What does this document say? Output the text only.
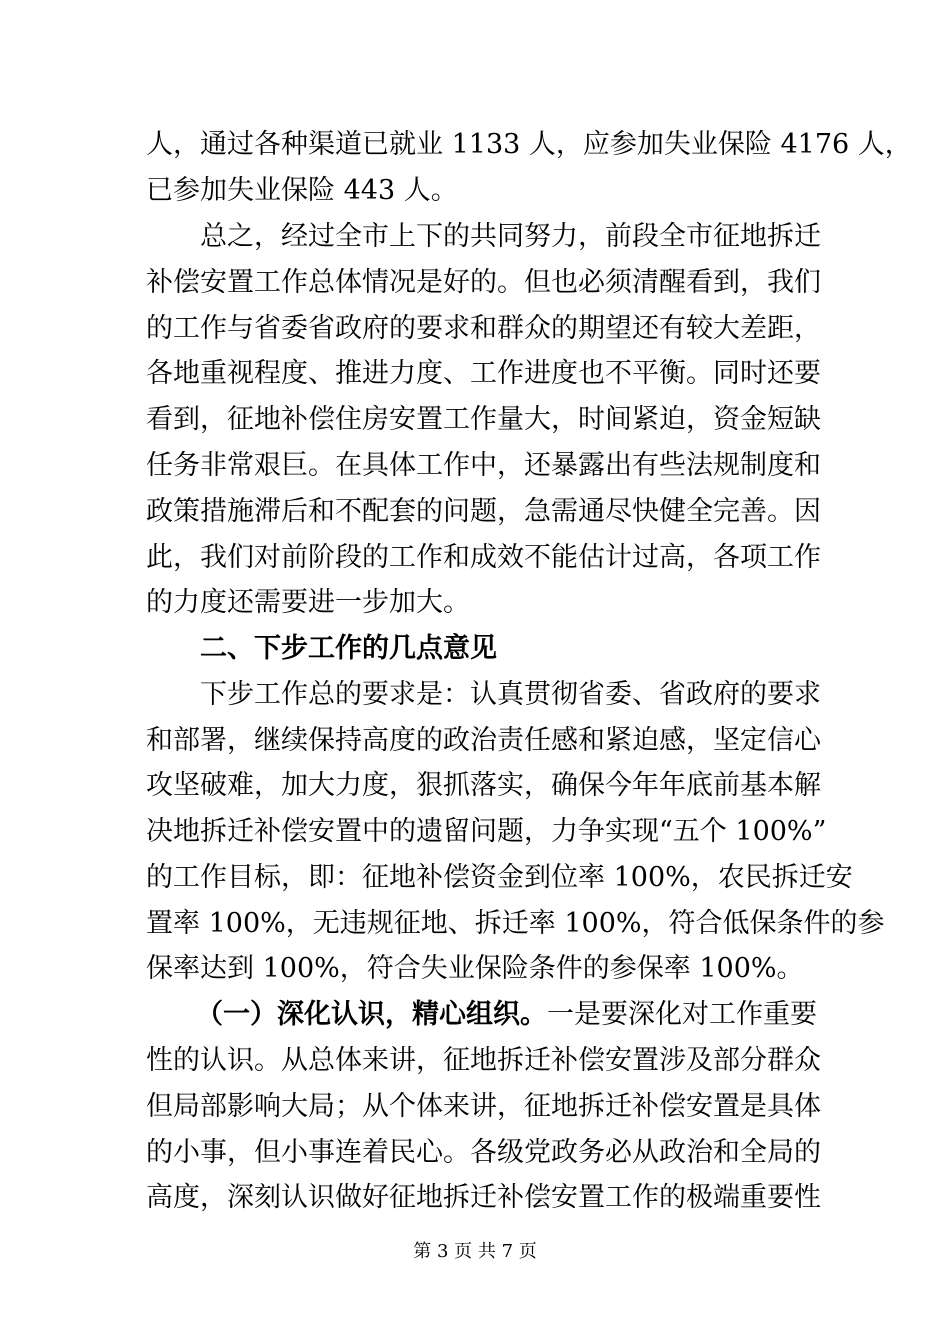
人，通过各种渠道已就业 1133 人，应参加失业保险 4176 人，
已参加失业保险 443 人。
总之，经过全市上下的共同努力，前段全市征地拆迁
补偿安置工作总体情况是好的。但也必须清醒看到，我们
的工作与省委省政府的要求和群众的期望还有较大差距，
各地重视程度、推进力度、工作进度也不平衡。同时还要
看到，征地补偿住房安置工作量大，时间紧迫，资金短缺
任务非常艰巨。在具体工作中，还暴露出有些法规制度和
政策措施滞后和不配套的问题，急需通尽快健全完善。因
此，我们对前阶段的工作和成效不能估计过高，各项工作
的力度还需要进一步加大。
二、下步工作的几点意见
下步工作总的要求是：认真贯彻省委、省政府的要求
和部署，继续保持高度的政治责任感和紧迫感，坚定信心
攻坚破难，加大力度，狠抓落实，确保今年年底前基本解
决地拆迁补偿安置中的遗留问题，力争实现“五个 100%”
的工作目标，即：征地补偿资金到位率 100%，农民拆迁安
置率 100%，无违规征地、拆迁率 100%，符合低保条件的参
保率达到 100%，符合失业保险条件的参保率 100%。
（一）深化认识，精心组织。一是要深化对工作重要
性的认识。从总体来讲，征地拆迁补偿安置涉及部分群众
但局部影响大局；从个体来讲，征地拆迁补偿安置是具体
的小事，但小事连着民心。各级党政务必从政治和全局的
高度，深刻认识做好征地拆迁补偿安置工作的极端重要性
第 3 页 共 7 页
